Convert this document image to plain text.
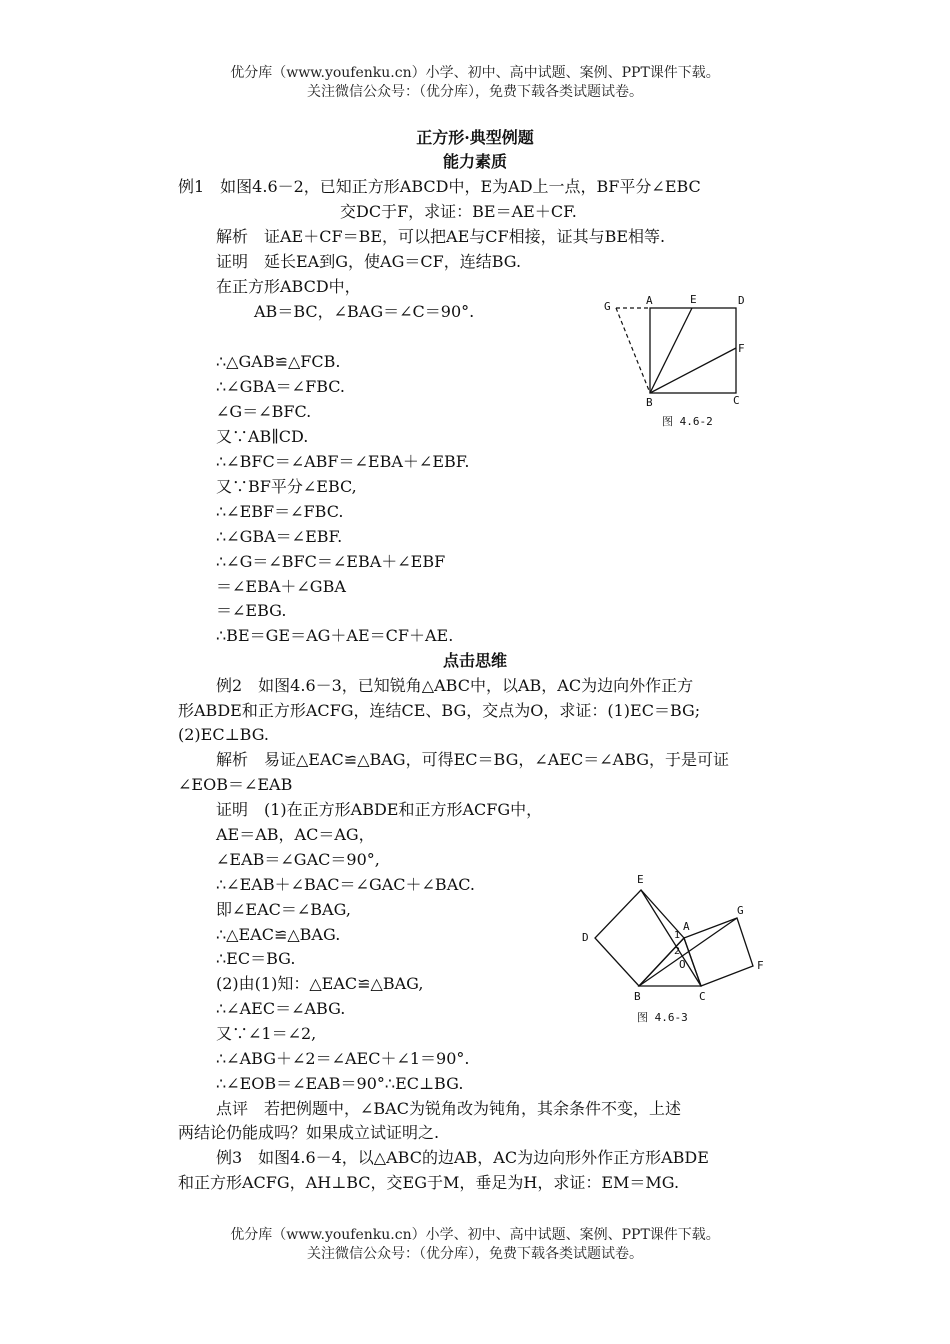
优分库（www.youfenku.cn）小学、初中、高中试题、案例、PPT课件下载。
关注微信公众号：（优分库），免费下载各类试题试卷。
正方形·典型例题
能力素质
例1　如图4.6－2，已知正方形ABCD中，E为AD上一点，BF平分∠EBC
交DC于F，求证：BE＝AE＋CF.
解析　证AE＋CF＝BE，可以把AE与CF相接，证其与BE相等.
证明　延长EA到G，使AG＝CF，连结BG.
在正方形ABCD中，
AB＝BC，∠BAG＝∠C＝90°.
∴△GAB≌△FCB.
∴∠GBA＝∠FBC.
∠G＝∠BFC.
又∵AB∥CD.
∴∠BFC＝∠ABF＝∠EBA＋∠EBF.
又∵BF平分∠EBC,
∴∠EBF＝∠FBC.
∴∠GBA＝∠EBF.
∴∠G＝∠BFC＝∠EBA＋∠EBF
＝∠EBA＋∠GBA
＝∠EBG.
∴BE＝GE＝AG＋AE＝CF＋AE.
G	A	E	D
F
B	C
图 4.6-2
点击思维
例2　如图4.6－3，已知锐角△ABC中，以AB，AC为边向外作正方
形ABDE和正方形ACFG，连结CE、BG，交点为O，求证：(1)EC＝BG;
(2)EC⊥BG.
解析　易证△EAC≌△BAG，可得EC＝BG，∠AEC＝∠ABG，于是可证
∠EOB＝∠EAB
证明　(1)在正方形ABDE和正方形ACFG中，
AE＝AB，AC＝AG，
∠EAB＝∠GAC＝90°,
∴∠EAB＋∠BAC＝∠GAC＋∠BAC.
即∠EAC＝∠BAG,
∴△EAC≌△BAG.
∴EC＝BG.
(2)由(1)知：△EAC≌△BAG,
∴∠AEC＝∠ABG.
又∵∠1＝∠2,
∴∠ABG＋∠2＝∠AEC＋∠1＝90°.
∴∠EOB＝∠EAB＝90°∴EC⊥BG.
点评　若把例题中，∠BAC为锐角改为钝角，其余条件不变，上述
两结论仍能成吗？如果成立试证明之.
E
D
A
G
1
2
O	F
B	C
图 4.6-3
例3　如图4.6－4，以△ABC的边AB，AC为边向形外作正方形ABDE
和正方形ACFG，AH⊥BC，交EG于M，垂足为H，求证：EM＝MG.
优分库（www.youfenku.cn）小学、初中、高中试题、案例、PPT课件下载。
关注微信公众号：（优分库），免费下载各类试题试卷。
